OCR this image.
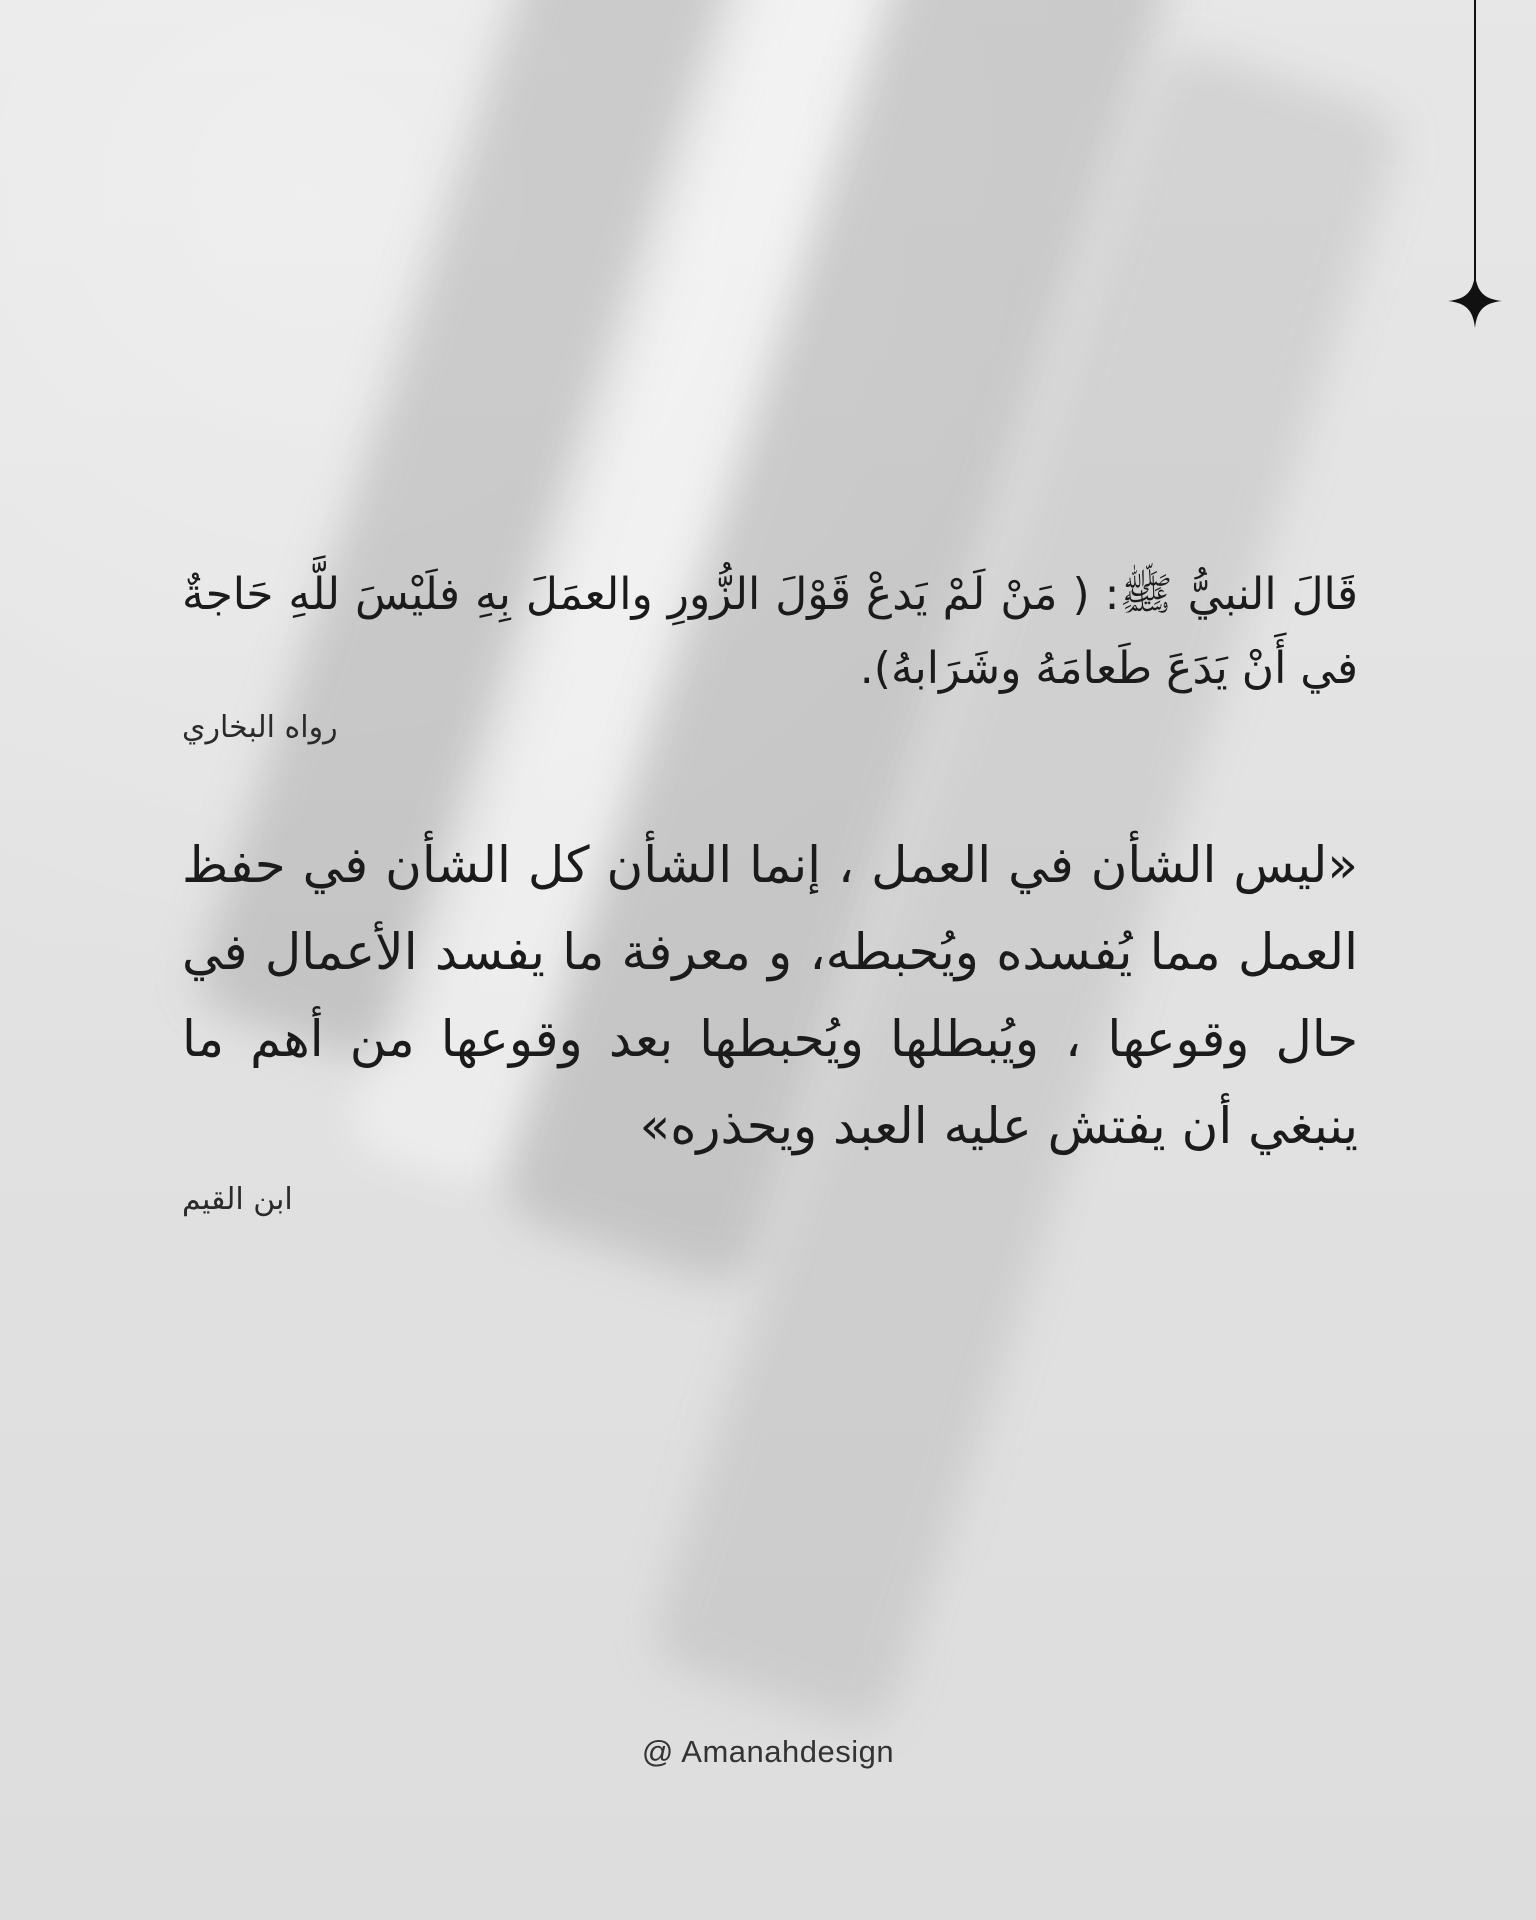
قَالَ النبيُّ ﷺ: ( مَنْ لَمْ يَدعْ قَوْلَ الزُّورِ والعمَلَ بِهِ فلَيْسَ للَّهِ حَاجةٌ في أَنْ يَدَعَ طَعامَهُ وشَرَابهُ).

رواه البخاري

«ليس الشأن في العمل ، إنما الشأن كل الشأن في حفظ العمل مما يُفسده ويُحبطه، و معرفة ما يفسد الأعمال في حال وقوعها ، ويُبطلها ويُحبطها بعد وقوعها من أهم ما ينبغي أن يفتش عليه العبد ويحذره»

ابن القيم

@ Amanahdesign
